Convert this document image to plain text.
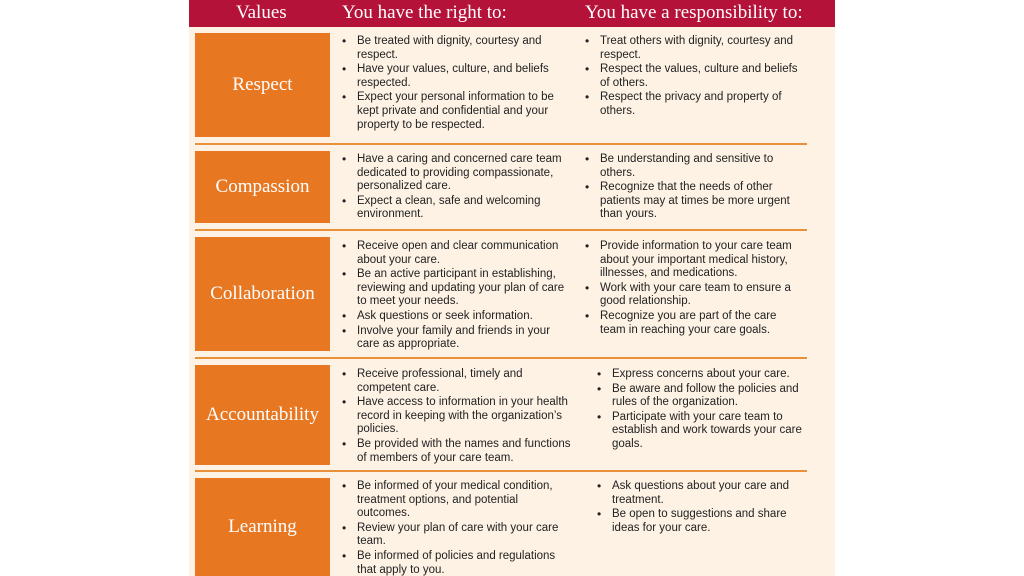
Values	You have the right to:	You have a responsibility to:
Respect
• Be treated with dignity, courtesy and respect.
• Have your values, culture, and beliefs respected.
• Expect your personal information to be kept private and confidential and your property to be respected.
• Treat others with dignity, courtesy and respect.
• Respect the values, culture and beliefs of others.
• Respect the privacy and property of others.
Compassion
• Have a caring and concerned care team dedicated to providing compassionate, personalized care.
• Expect a clean, safe and welcoming environment.
• Be understanding and sensitive to others.
• Recognize that the needs of other patients may at times be more urgent than yours.
Collaboration
• Receive open and clear communication about your care.
• Be an active participant in establishing, reviewing and updating your plan of care to meet your needs.
• Ask questions or seek information.
• Involve your family and friends in your care as appropriate.
• Provide information to your care team about your important medical history, illnesses, and medications.
• Work with your care team to ensure a good relationship.
• Recognize you are part of the care team in reaching your care goals.
Accountability
• Receive professional, timely and competent care.
• Have access to information in your health record in keeping with the organization’s policies.
• Be provided with the names and functions of members of your care team.
• Express concerns about your care.
• Be aware and follow the policies and rules of the organization.
• Participate with your care team to establish and work towards your care goals.
Learning
• Be informed of your medical condition, treatment options, and potential outcomes.
• Review your plan of care with your care team.
• Be informed of policies and regulations that apply to you.
• Ask questions about your care and treatment.
• Be open to suggestions and share ideas for your care.
